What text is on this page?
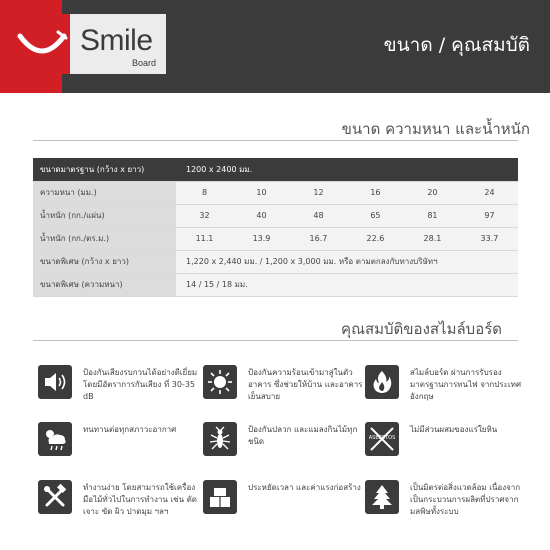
Smile
Board
ขนาด / คุณสมบัติ
ขนาด ความหนา และน้ำหนัก
ขนาดมาตรฐาน (กว้าง x ยาว)	1200 x 2400 มม.					
ความหนา (มม.)	8	10	12	16	20	24
น้ำหนัก (กก./แผ่น)	32	40	48	65	81	97
น้ำหนัก (กก./ตร.ม.)	11.1	13.9	16.7	22.6	28.1	33.7
ขนาดพิเศษ (กว้าง x ยาว)	1,220 x 2,440 มม. / 1,200 x 3,000 มม. หรือ ตามตกลงกับทางบริษัทฯ					
ขนาดพิเศษ (ความหนา)	14 / 15 / 18 มม.					
คุณสมบัติของสไมล์บอร์ด
ป้องกันเสียงรบกวนได้อย่างดีเยี่ยม โดยมีอัตราการกันเสียง ที่ 30-35 dB
ป้องกันความร้อนเข้ามาสู่ในตัวอาคาร ซึ่งช่วยให้บ้าน และอาคารเย็นสบาย
สไมล์บอร์ด ผ่านการรับรองมาตรฐานการทนไฟ จากประเทศอังกฤษ
ทนทานต่อทุกสภาวะอากาศ	ป้องกันปลวก และแมลงกินไม้ทุกชนิด	ASBESTOS
ไม่มีส่วนผสมของแร่ใยหิน
ทำงานง่าย โดยสามารถใช้เครื่องมือไม้ทั่วไปในการทำงาน เช่น ตัด เจาะ ขัด ผิว ปาดมุม ฯลฯ
ประหยัดเวลา และค่าแรงก่อสร้าง	เป็นมิตรต่อสิ่งแวดล้อม เนื่องจากเป็นกระบวนการผลิตที่ปราศจากมลพิษทั้งระบบ
